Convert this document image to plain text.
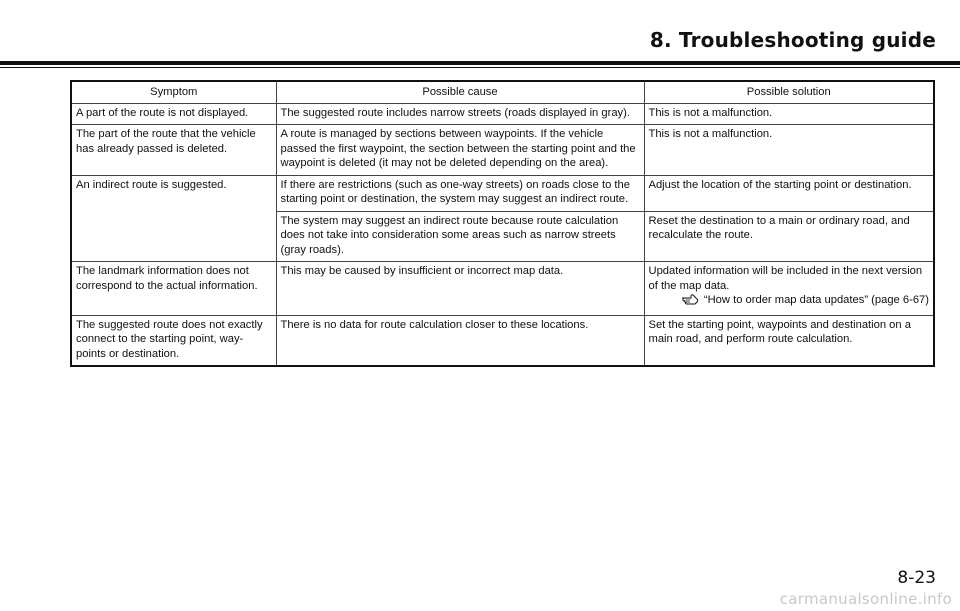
8. Troubleshooting guide
Symptom	Possible cause	Possible solution
A part of the route is not displayed.	The suggested route includes narrow streets (roads displayed in gray).	This is not a malfunction.
The part of the route that the vehicle has already passed is deleted.	A route is managed by sections between waypoints. If the vehicle passed the first waypoint, the section between the starting point and the waypoint is deleted (it may not be deleted depending on the area).	This is not a malfunction.
An indirect route is suggested.	If there are restrictions (such as one-way streets) on roads close to the starting point or destination, the system may suggest an indirect route.	Adjust the location of the starting point or destination.
	The system may suggest an indirect route because route calculation does not take into consideration some areas such as narrow streets (gray roads).	Reset the destination to a main or ordinary road, and recalculate the route.
The landmark information does not correspond to the actual information.	This may be caused by insufficient or incorrect map data.	Updated information will be included in the next version of the map data.
“How to order map data updates” (page 6-67)

The suggested route does not exactly connect to the starting point, way-points or destination.	There is no data for route calculation closer to these locations.	Set the starting point, waypoints and destination on a main road, and perform route calculation.
8-23
carmanualsonline.info
